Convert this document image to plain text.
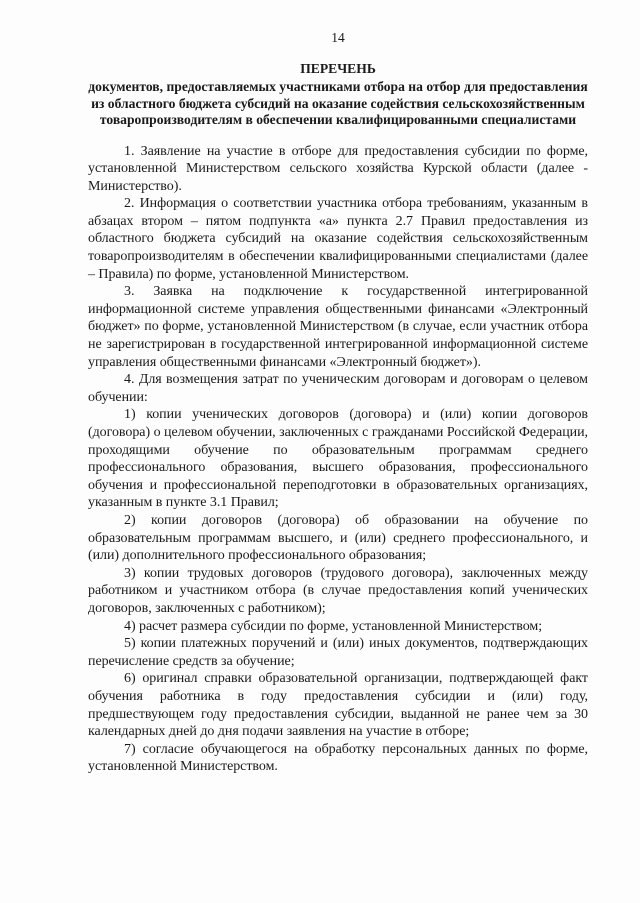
14
ПЕРЕЧЕНЬ
документов, предоставляемых участниками отбора на отбор для предоставления из областного бюджета субсидий на оказание содействия сельскохозяйственным товаропроизводителям в обеспечении квалифицированными специалистами

1. Заявление на участие в отборе для предоставления субсидии по форме, установленной Министерством сельского хозяйства Курской области (далее - Министерство).

2. Информация о соответствии участника отбора требованиям, указанным в абзацах втором – пятом подпункта «а» пункта 2.7 Правил предоставления из областного бюджета субсидий на оказание содействия сельскохозяйственным товаропроизводителям в обеспечении квалифицированными специалистами (далее – Правила) по форме, установленной Министерством.

3. Заявка на подключение к государственной интегрированной информационной системе управления общественными финансами «Электронный бюджет» по форме, установленной Министерством (в случае, если участник отбора не зарегистрирован в государственной интегрированной информационной системе управления общественными финансами «Электронный бюджет»).

4. Для возмещения затрат по ученическим договорам и договорам о целевом обучении:

1) копии ученических договоров (договора) и (или) копии договоров (договора) о целевом обучении, заключенных с гражданами Российской Федерации, проходящими обучение по образовательным программам среднего профессионального образования, высшего образования, профессионального обучения и профессиональной переподготовки в образовательных организациях, указанным в пункте 3.1 Правил;

2) копии договоров (договора) об образовании на обучение по образовательным программам высшего, и (или) среднего профессионального, и (или) дополнительного профессионального образования;

3) копии трудовых договоров (трудового договора), заключенных между работником и участником отбора (в случае предоставления копий ученических договоров, заключенных с работником);

4) расчет размера субсидии по форме, установленной Министерством;

5) копии платежных поручений и (или) иных документов, подтверждающих перечисление средств за обучение;

6) оригинал справки образовательной организации, подтверждающей факт обучения работника в году предоставления субсидии и (или) году, предшествующем году предоставления субсидии, выданной не ранее чем за 30 календарных дней до дня подачи заявления на участие в отборе;

7) согласие обучающегося на обработку персональных данных по форме, установленной Министерством.
